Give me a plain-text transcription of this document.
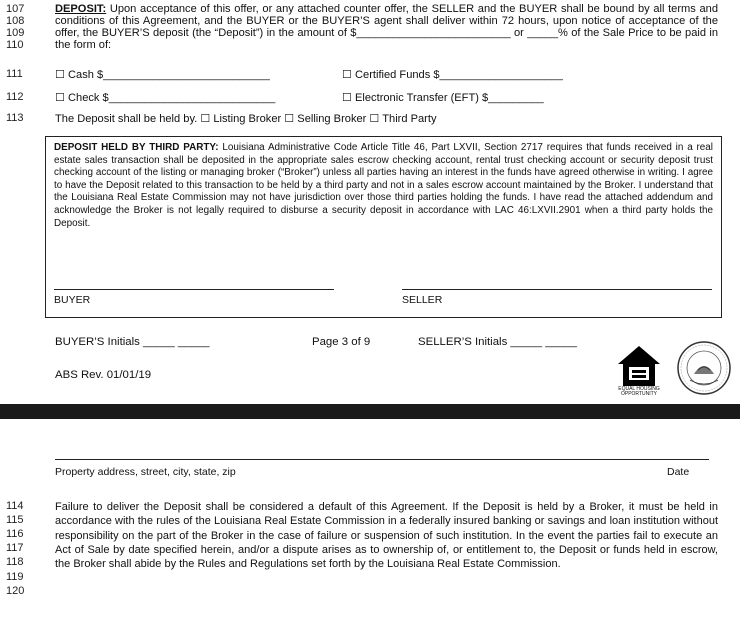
107
108
109
110
DEPOSIT: Upon acceptance of this offer, or any attached counter offer, the SELLER and the BUYER shall be bound by all terms and conditions of this Agreement, and the BUYER or the BUYER’S agent shall deliver within 72 hours, upon notice of acceptance of the offer, the BUYER’S deposit (the “Deposit”) in the amount of $_________________________ or _____% of the Sale Price to be paid in the form of:
111	☐ Cash $___________________________	☐ Certified Funds $____________________
112	☐ Check $___________________________	☐ Electronic Transfer (EFT) $_________
113	The Deposit shall be held by. ☐ Listing Broker ☐ Selling Broker ☐ Third Party
DEPOSIT HELD BY THIRD PARTY: Louisiana Administrative Code Article Title 46, Part LXVII, Section 2717 requires that funds received in a real estate sales transaction shall be deposited in the appropriate sales escrow checking account, rental trust checking account or security deposit trust checking account of the listing or managing broker (“Broker”) unless all parties having an interest in the funds have agreed otherwise in writing. I agree to have the Deposit related to this transaction to be held by a third party and not in a sales escrow account maintained by the Broker. I understand that the Louisiana Real Estate Commission may not have jurisdiction over those third parties holding the funds. I have read the attached addendum and acknowledge the Broker is not legally required to disburse a security deposit in accordance with LAC 46:LXVII.2901 when a third party holds the Deposit.
BUYER	SELLER
BUYER’S Initials _____ _____	Page 3 of 9	SELLER’S Initials _____ _____
ABS Rev. 01/01/19
EQUAL HOUSING OPPORTUNITY
Property address, street, city, state, zip	Date
114
115
116
117
118
119
120
Failure to deliver the Deposit shall be considered a default of this Agreement. If the Deposit is held by a Broker, it must be held in accordance with the rules of the Louisiana Real Estate Commission in a federally insured banking or savings and loan institution without responsibility on the part of the Broker in the case of failure or suspension of such institution. In the event the parties fail to execute an Act of Sale by date specified herein, and/or a dispute arises as to ownership of, or entitlement to, the Deposit or funds held in escrow, the Broker shall abide by the Rules and Regulations set forth by the Louisiana Real Estate Commission.
